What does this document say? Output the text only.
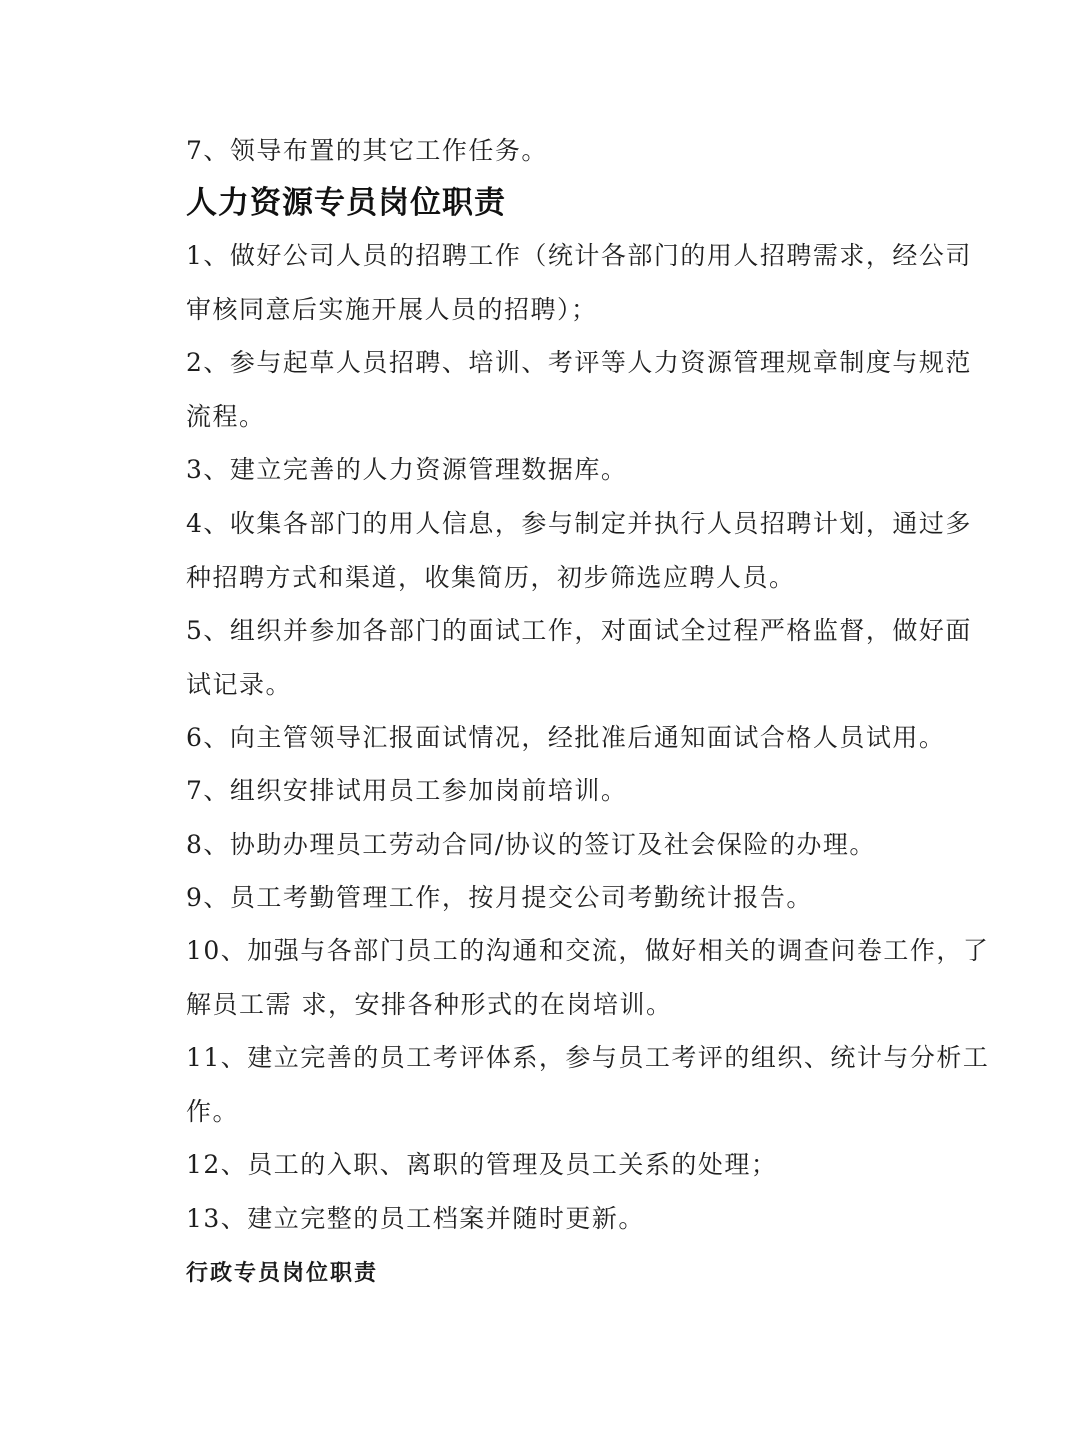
7、领导布置的其它工作任务。
人力资源专员岗位职责
1、做好公司人员的招聘工作（统计各部门的用人招聘需求，经公司
审核同意后实施开展人员的招聘）；
2、参与起草人员招聘、培训、考评等人力资源管理规章制度与规范
流程。
3、建立完善的人力资源管理数据库。
4、收集各部门的用人信息，参与制定并执行人员招聘计划，通过多
种招聘方式和渠道，收集简历，初步筛选应聘人员。
5、组织并参加各部门的面试工作，对面试全过程严格监督，做好面
试记录。
6、向主管领导汇报面试情况，经批准后通知面试合格人员试用。
7、组织安排试用员工参加岗前培训。
8、协助办理员工劳动合同/协议的签订及社会保险的办理。
9、员工考勤管理工作，按月提交公司考勤统计报告。
10、加强与各部门员工的沟通和交流，做好相关的调查问卷工作，了
解员工需 求，安排各种形式的在岗培训。
11、建立完善的员工考评体系，参与员工考评的组织、统计与分析工
作。
12、员工的入职、离职的管理及员工关系的处理；
13、建立完整的员工档案并随时更新。
行政专员岗位职责
